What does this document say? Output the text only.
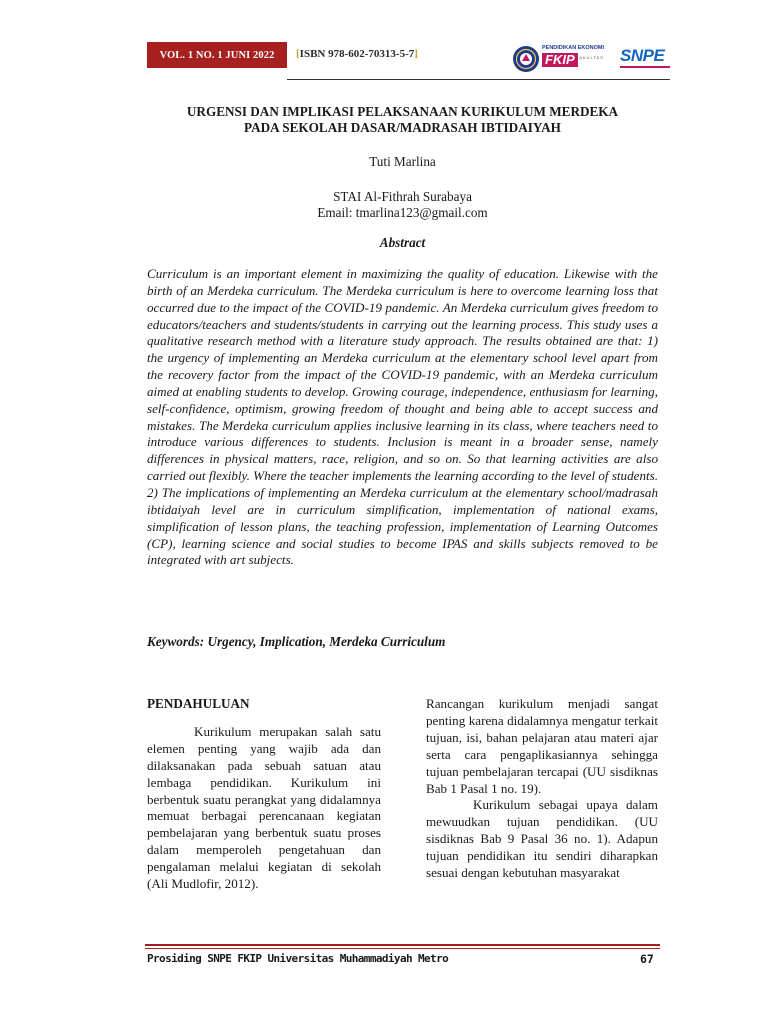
VOL. 1 NO. 1 JUNI 2022	[ISBN 978-602-70313-5-7]	PENDIDIKAN EKONOMI
FKIP FAKULTAS SNPE
URGENSI DAN IMPLIKASI PELAKSANAAN KURIKULUM MERDEKA
PADA SEKOLAH DASAR/MADRASAH IBTIDAIYAH
Tuti Marlina
STAI Al-Fithrah Surabaya
Email: tmarlina123@gmail.com
Abstract
Curriculum is an important element in maximizing the quality of education. Likewise with the birth of an Merdeka curriculum. The Merdeka curriculum is here to overcome learning loss that occurred due to the impact of the COVID-19 pandemic. An Merdeka curriculum gives freedom to educators/teachers and students/students in carrying out the learning process. This study uses a qualitative research method with a literature study approach. The results obtained are that: 1) the urgency of implementing an Merdeka curriculum at the elementary school level apart from the recovery factor from the impact of the COVID-19 pandemic, with an Merdeka curriculum aimed at enabling students to develop. Growing courage, independence, enthusiasm for learning, self-confidence, optimism, growing freedom of thought and being able to accept success and mistakes. The Merdeka curriculum applies inclusive learning in its class, where teachers need to introduce various differences to students. Inclusion is meant in a broader sense, namely differences in physical matters, race, religion, and so on. So that learning activities are also carried out flexibly. Where the teacher implements the learning according to the level of students. 2) The implications of implementing an Merdeka curriculum at the elementary school/madrasah ibtidaiyah level are in curriculum simplification, implementation of national exams, simplification of lesson plans, the teaching profession, implementation of Learning Outcomes (CP), learning science and social studies to become IPAS and skills subjects removed to be integrated with art subjects.
Keywords: Urgency, Implication, Merdeka Curriculum
PENDAHULUAN

Kurikulum merupakan salah satu elemen penting yang wajib ada dan dilaksanakan pada sebuah satuan atau lembaga pendidikan. Kurikulum ini berbentuk suatu perangkat yang didalamnya memuat berbagai perencanaan kegiatan pembelajaran yang berbentuk suatu proses dalam memperoleh pengetahuan dan pengalaman melalui kegiatan di sekolah (Ali Mudlofir, 2012).

Rancangan kurikulum menjadi sangat penting karena didalamnya mengatur terkait tujuan, isi, bahan pelajaran atau materi ajar serta cara pengaplikasiannya sehingga tujuan pembelajaran tercapai (UU sisdiknas Bab 1 Pasal 1 no. 19).

Kurikulum sebagai upaya dalam mewuudkan tujuan pendidikan. (UU sisdiknas Bab 9 Pasal 36 no. 1). Adapun tujuan pendidikan itu sendiri diharapkan sesuai dengan kebutuhan masyarakat

Prosiding SNPE FKIP Universitas Muhammadiyah Metro	67
